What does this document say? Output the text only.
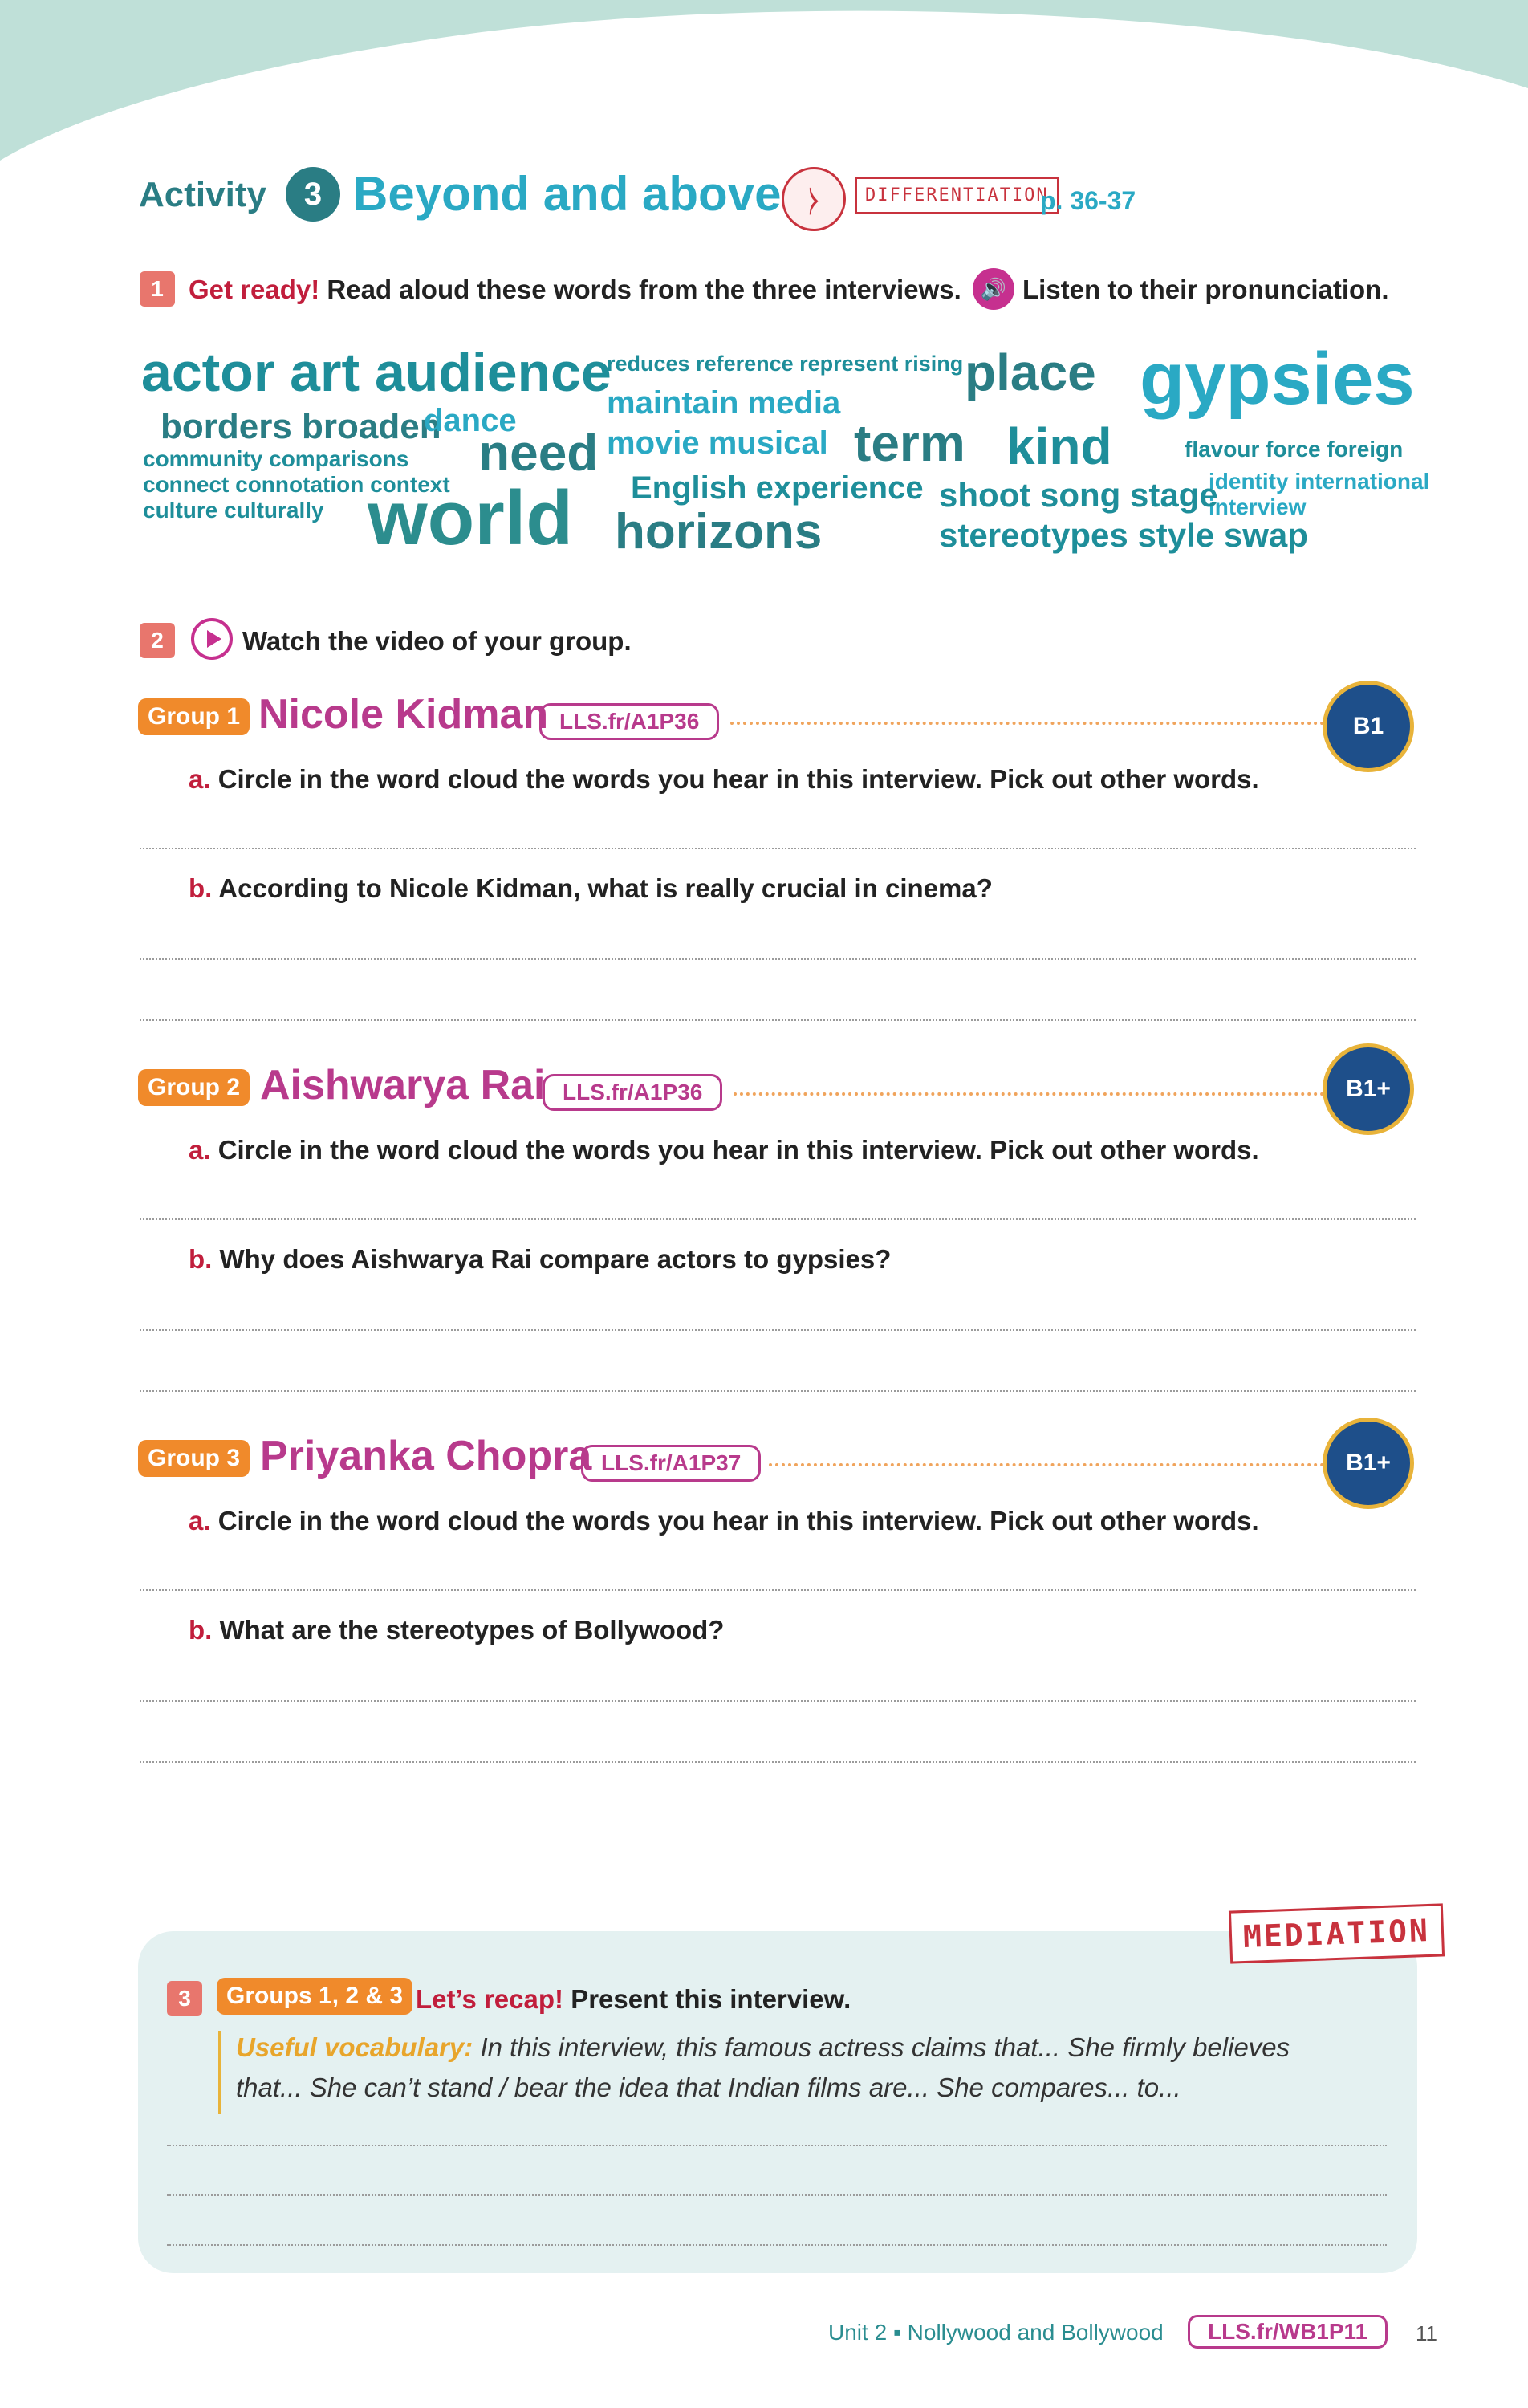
Activity	3 Beyond and above ⧽	DIFFERENTIATION
p. 36-37
1 Get ready! Read aloud these words from the three interviews. 🔊 Listen to their pronunciation.
actor art audience
borders broaden
dance
community comparisons need
connect connotation context
culture culturally world
reduces reference represent rising
maintain media
movie musical
English experience
horizons
place
term kind
gypsies
flavour force foreign
identity international
interview
shoot song stage
stereotypes style swap
2	Watch the video of your group.
Group 1 Nicole Kidman LLS.fr/A1P36	B1
a. Circle in the word cloud the words you hear in this interview. Pick out other words.
b. According to Nicole Kidman, what is really crucial in cinema?
Group 2 Aishwarya Rai LLS.fr/A1P36	B1+
a. Circle in the word cloud the words you hear in this interview. Pick out other words.
b. Why does Aishwarya Rai compare actors to gypsies?
Group 3 Priyanka Chopra LLS.fr/A1P37	B1+
a. Circle in the word cloud the words you hear in this interview. Pick out other words.
b. What are the stereotypes of Bollywood?
MEDIATION
3	Groups 1, 2 & 3 Let’s recap! Present this interview.
Useful vocabulary: In this interview, this famous actress claims that... She firmly believes
that... She can’t stand / bear the idea that Indian films are... She compares... to...
Unit 2 ▪ Nollywood and Bollywood	LLS.fr/WB1P11	11
